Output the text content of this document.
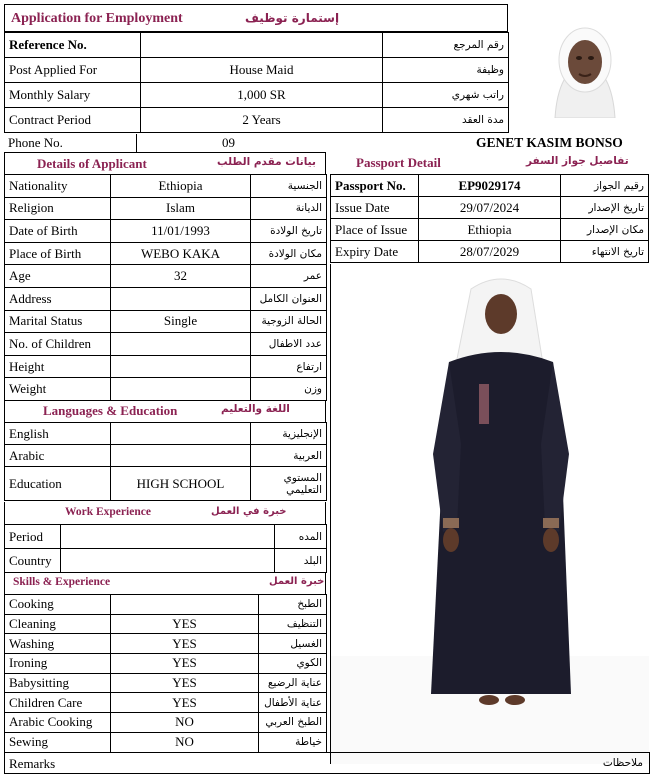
Application for Employment	إستمارة توظيف
Reference No.		رقم المرجع
Post Applied For	House Maid	وظيفة
Monthly Salary	1,000 SR	راتب شهري
Contract Period	2 Years	مدة العقد
Phone No.	09	GENET KASIM BONSO
Details of Applicant	بيانات مقدم الطلب
Nationality	Ethiopia	الجنسية
Religion	Islam	الديانة
Date of Birth	11/01/1993	تاريخ الولادة
Place of Birth	WEBO KAKA	مكان الولادة
Age	32	عمر
Address		العنوان الكامل
Marital Status	Single	الحالة الزوجية
No. of Children		عدد الاطفال
Height		ارتفاع
Weight		وزن
Passport Detail	تفاصيل جواز السفر
Passport No.	EP9029174	رقيم الجواز
Issue Date	29/07/2024	تاريخ الإصدار
Place of Issue	Ethiopia	مكان الإصدار
Expiry Date	28/07/2029	تاريخ الانتهاء
Languages & Education	اللغة والتعليم
English		الإنجليزية
Arabic		العربية
Education	HIGH SCHOOL	المستوي التعليمي
Work Experience	خبرة في العمل
Period		المده
Country		البلد
Skills & Experience	خبرة العمل
Cooking		الطبخ
Cleaning	YES	التنظيف
Washing	YES	الغسيل
Ironing	YES	الكوي
Babysitting	YES	عناية الرضيع
Children Care	YES	عناية الأطفال
Arabic Cooking	NO	الطبخ العربي
Sewing	NO	خياطة
Remarks	ملاحظات
